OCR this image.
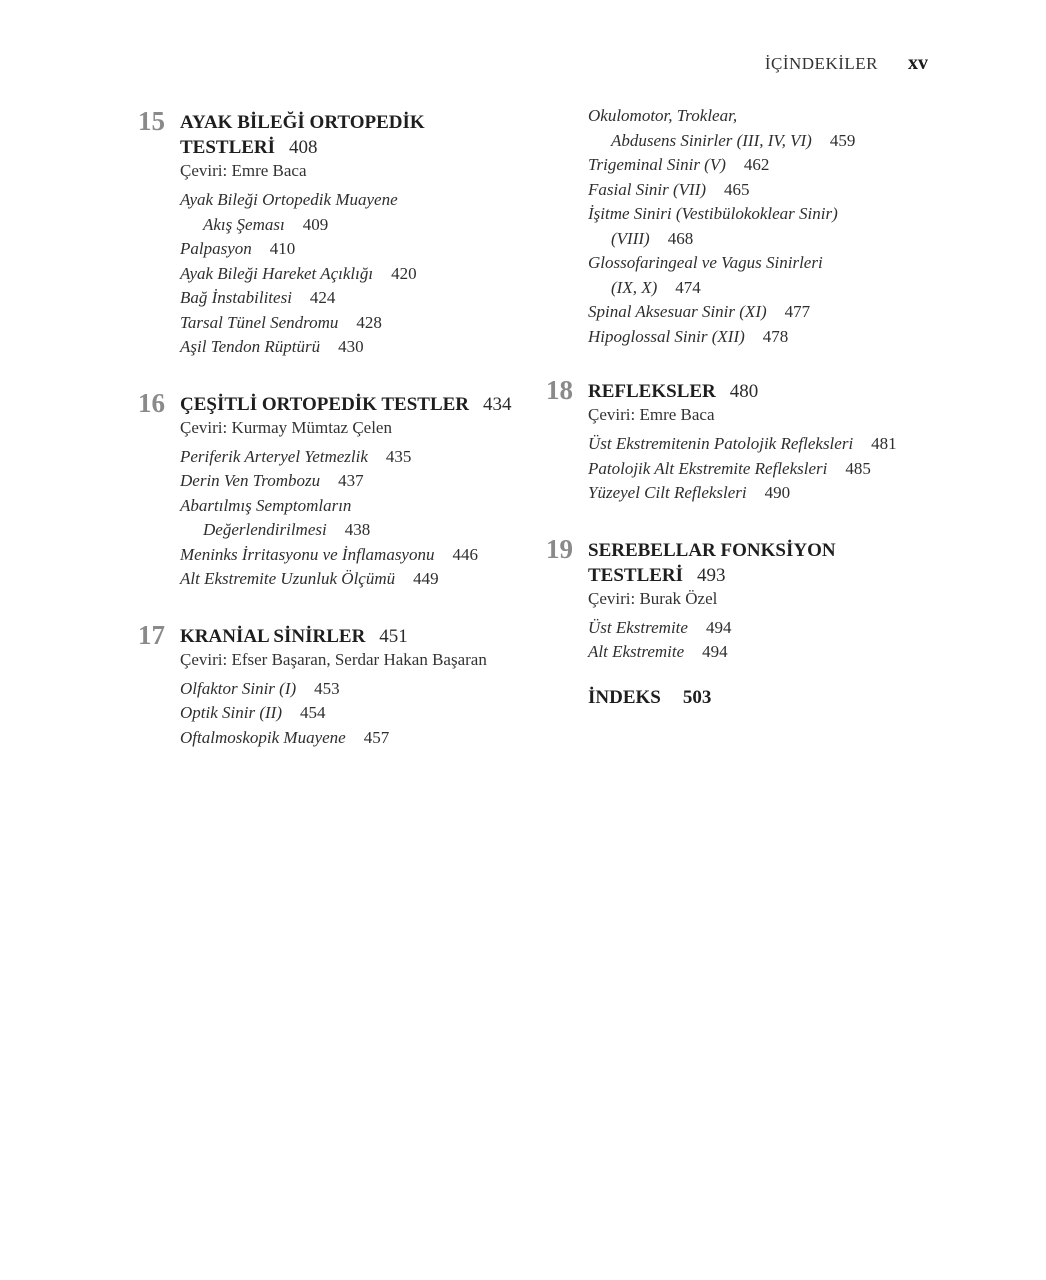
İÇİNDEKİLER xv
15 AYAK BİLEĞİ ORTOPEDİK
TESTLERİ 408
Çeviri: Emre Baca
Ayak Bileği Ortopedik Muayene
Akış Şeması 409
Palpasyon 410
Ayak Bileği Hareket Açıklığı 420
Bağ İnstabilitesi 424
Tarsal Tünel Sendromu 428
Aşil Tendon Rüptürü 430
16 ÇEŞİTLİ ORTOPEDİK TESTLER 434
Çeviri: Kurmay Mümtaz Çelen
Periferik Arteryel Yetmezlik 435
Derin Ven Trombozu 437
Abartılmış Semptomların
Değerlendirilmesi 438
Meninks İrritasyonu ve İnflamasyonu 446
Alt Ekstremite Uzunluk Ölçümü 449
17 KRANİAL SİNİRLER 451
Çeviri: Efser Başaran, Serdar Hakan Başaran
Olfaktor Sinir (I) 453
Optik Sinir (II) 454
Oftalmoskopik Muayene 457
Okulomotor, Troklear,
Abdusens Sinirler (III, IV, VI) 459
Trigeminal Sinir (V) 462
Fasial Sinir (VII) 465
İşitme Siniri (Vestibülokoklear Sinir)
(VIII) 468
Glossofaringeal ve Vagus Sinirleri
(IX, X) 474
Spinal Aksesuar Sinir (XI) 477
Hipoglossal Sinir (XII) 478
18 REFLEKSLER 480
Çeviri: Emre Baca
Üst Ekstremitenin Patolojik Refleksleri 481
Patolojik Alt Ekstremite Refleksleri 485
Yüzeyel Cilt Refleksleri 490
19 SEREBELLAR FONKSİYON
TESTLERİ 493
Çeviri: Burak Özel
Üst Ekstremite 494
Alt Ekstremite 494
İNDEKS 503
